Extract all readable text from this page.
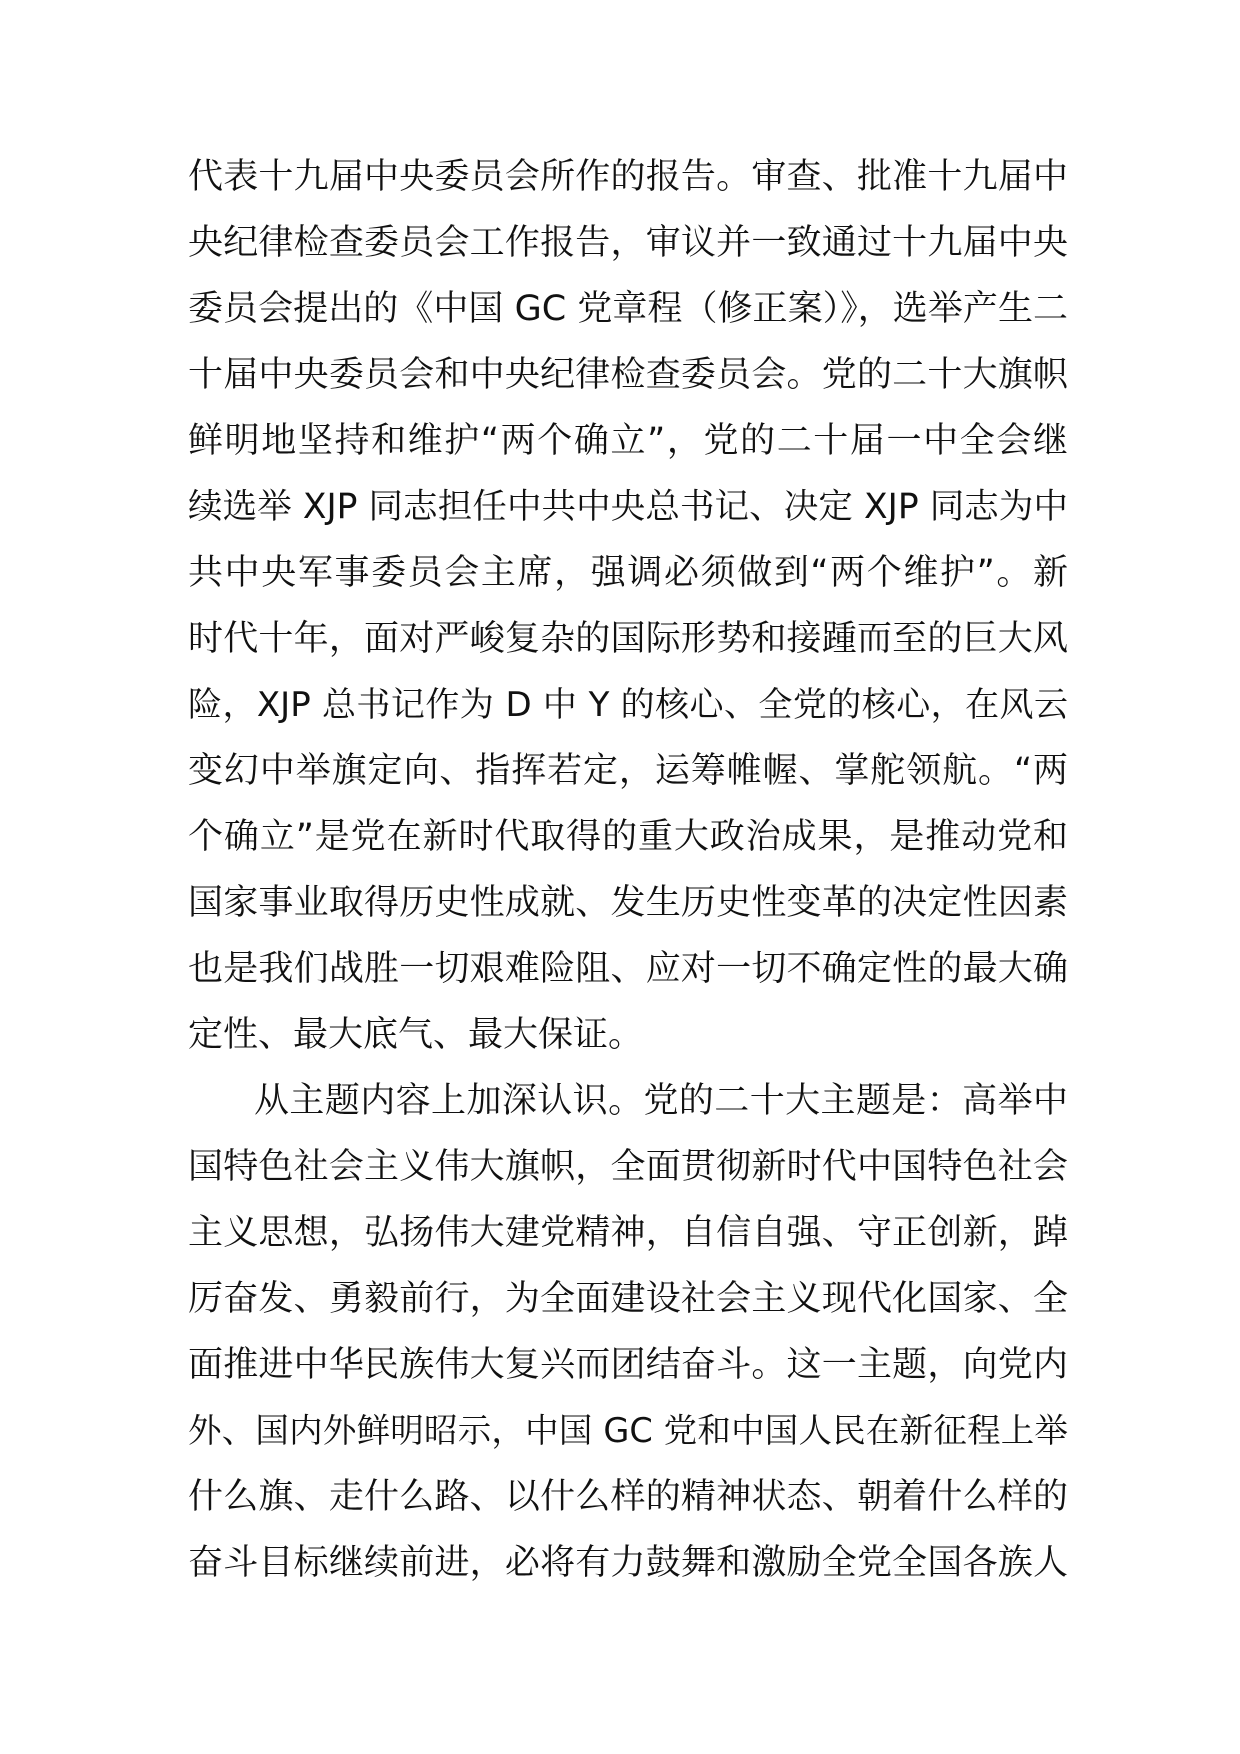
代表十九届中央委员会所作的报告。审查、批准十九届中
央纪律检查委员会工作报告，审议并一致通过十九届中央
委员会提出的《中国 GC 党章程（修正案）》，选举产生二
十届中央委员会和中央纪律检查委员会。党的二十大旗帜
鲜明地坚持和维护“两个确立”，党的二十届一中全会继
续选举 XJP 同志担任中共中央总书记、决定 XJP 同志为中
共中央军事委员会主席，强调必须做到“两个维护”。新
时代十年，面对严峻复杂的国际形势和接踵而至的巨大风
险，XJP 总书记作为 D 中 Y 的核心、全党的核心，在风云
变幻中举旗定向、指挥若定，运筹帷幄、掌舵领航。“两
个确立”是党在新时代取得的重大政治成果，是推动党和
国家事业取得历史性成就、发生历史性变革的决定性因素
也是我们战胜一切艰难险阻、应对一切不确定性的最大确
定性、最大底气、最大保证。
从主题内容上加深认识。党的二十大主题是：高举中
国特色社会主义伟大旗帜，全面贯彻新时代中国特色社会
主义思想，弘扬伟大建党精神，自信自强、守正创新，踔
厉奋发、勇毅前行，为全面建设社会主义现代化国家、全
面推进中华民族伟大复兴而团结奋斗。这一主题，向党内
外、国内外鲜明昭示，中国 GC 党和中国人民在新征程上举
什么旗、走什么路、以什么样的精神状态、朝着什么样的
奋斗目标继续前进，必将有力鼓舞和激励全党全国各族人
